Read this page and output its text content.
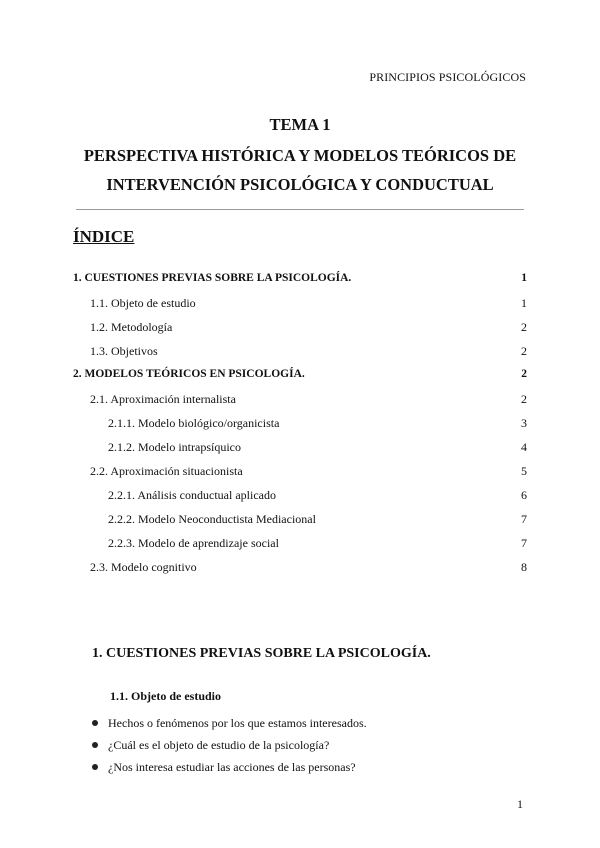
PRINCIPIOS PSICOLÓGICOS
TEMA 1
PERSPECTIVA HISTÓRICA Y MODELOS TEÓRICOS DE
INTERVENCIÓN PSICOLÓGICA Y CONDUCTUAL
ÍNDICE
1. CUESTIONES PREVIAS SOBRE LA PSICOLOGÍA.	1
1.1. Objeto de estudio	1
1.2. Metodología	2
1.3. Objetivos	2
2. MODELOS TEÓRICOS EN PSICOLOGÍA.	2
2.1. Aproximación internalista	2
2.1.1. Modelo biológico/organicista	3
2.1.2. Modelo intrapsíquico	4
2.2. Aproximación situacionista	5
2.2.1. Análisis conductual aplicado	6
2.2.2. Modelo Neoconductista Mediacional	7
2.2.3. Modelo de aprendizaje social	7
2.3. Modelo cognitivo	8
1. CUESTIONES PREVIAS SOBRE LA PSICOLOGÍA.
1.1. Objeto de estudio
Hechos o fenómenos por los que estamos interesados.
¿Cuál es el objeto de estudio de la psicología?
¿Nos interesa estudiar las acciones de las personas?
1
